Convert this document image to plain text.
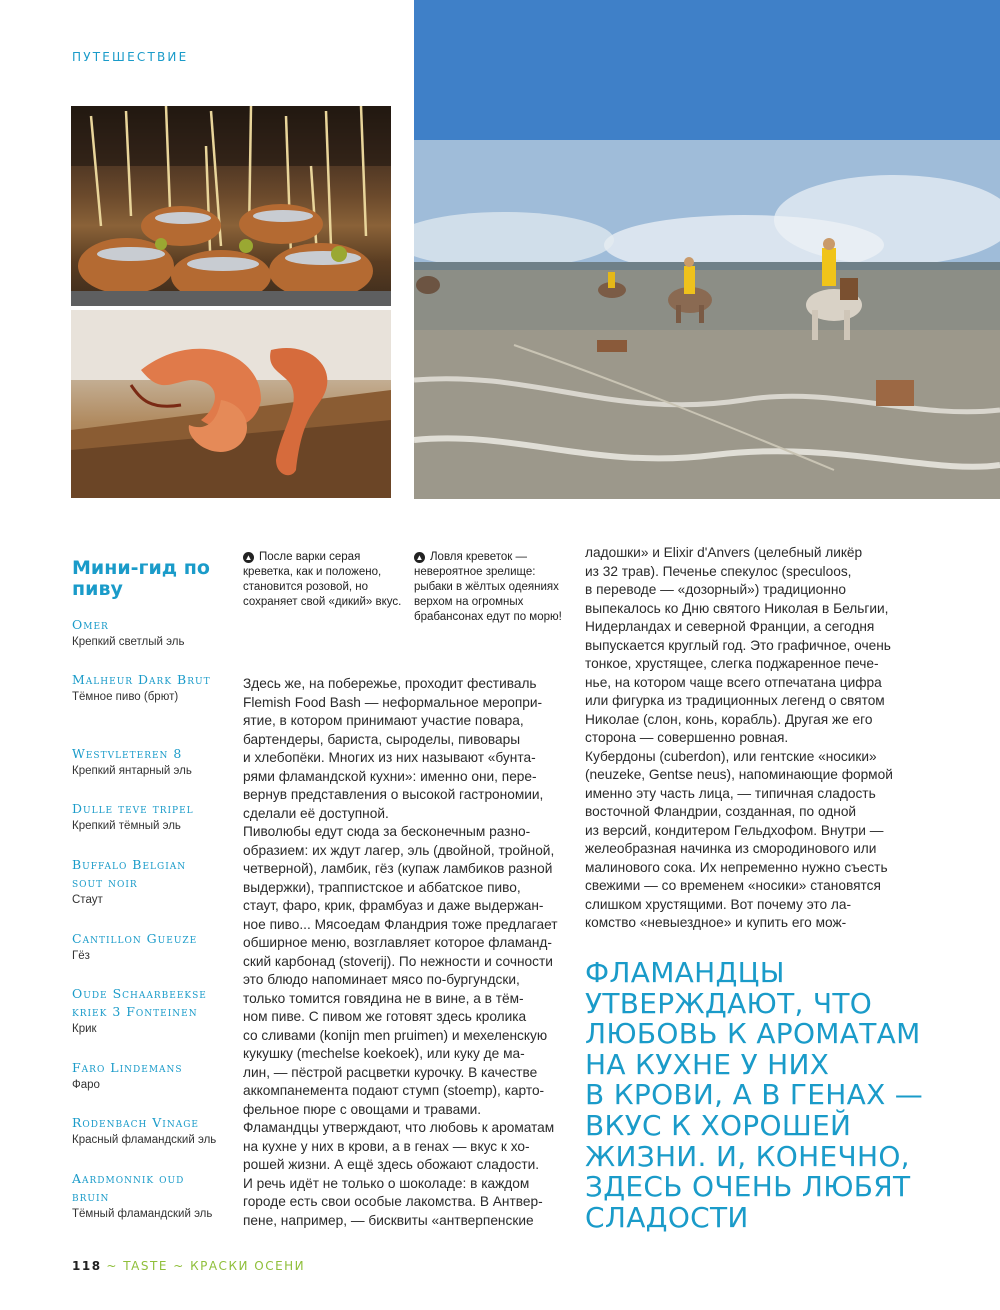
ПУТЕШЕСТВИЕ
▲ После варки серая креветка, как и положено, становится розовой, но сохраняет свой «дикий» вкус.
▲ Ловля креветок — невероятное зрелище: рыбаки в жёлтых одеяниях верхом на огромных брабансонах едут по морю!
Мини-гид по пиву
Omer
Крепкий светлый эль
Malheur Dark Brut
Тёмное пиво (брют)
Westvleteren 8
Крепкий янтарный эль
Dulle teve tripel
Крепкий тёмный эль
Buffalo Belgian sout noir
Стаут
Cantillon Gueuze
Гёз
Oude Schaarbeekse kriek 3 Fonteinen
Крик
Faro Lindemans
Фаро
Rodenbach Vinage
Красный фламандский эль
Aardmonnik oud bruin
Тёмный фламандский эль
Здесь же, на побережье, проходит фестиваль
Flemish Food Bash — неформальное меропри-
ятие, в котором принимают участие повара,
бартендеры, бариста, сыроделы, пивовары
и хлебопёки. Многих из них называют «бунта-
рями фламандской кухни»: именно они, пере-
вернув представления о высокой гастрономии,
сделали её доступной.
Пиволюбы едут сюда за бесконечным разно-
образием: их ждут лагер, эль (двойной, тройной,
четверной), ламбик, гёз (купаж ламбиков разной
выдержки), траппистское и аббатское пиво,
стаут, фаро, крик, фрамбуаз и даже выдержан-
ное пиво... Мясоедам Фландрия тоже предлагает
обширное меню, возглавляет которое фламанд-
ский карбонад (stoverij). По нежности и сочности
это блюдо напоминает мясо по-бургундски,
только томится говядина не в вине, а в тём-
ном пиве. С пивом же готовят здесь кролика
со сливами (konijn men pruimen) и мехеленскую
кукушку (mechelse koekoek), или куку де ма-
лин, — пёстрой расцветки курочку. В качестве
аккомпанемента подают стумп (stoemp), карто-
фельное пюре с овощами и травами.
Фламандцы утверждают, что любовь к ароматам
на кухне у них в крови, а в генах — вкус к хо-
рошей жизни. А ещё здесь обожают сладости.
И речь идёт не только о шоколаде: в каждом
городе есть свои особые лакомства. В Антвер-
пене, например, — бисквиты «антверпенские
ладошки» и Elixir d'Anvers (целебный ликёр
из 32 трав). Печенье спекулос (speculoos,
в переводе — «дозорный») традиционно
выпекалось ко Дню святого Николая в Бельгии,
Нидерландах и северной Франции, а сегодня
выпускается круглый год. Это графичное, очень
тонкое, хрустящее, слегка поджаренное пече-
нье, на котором чаще всего отпечатана цифра
или фигурка из традиционных легенд о святом
Николае (слон, конь, корабль). Другая же его
сторона — совершенно ровная.
Кубердоны (cuberdon), или гентские «носики»
(neuzeke, Gentse neus), напоминающие формой
именно эту часть лица, — типичная сладость
восточной Фландрии, созданная, по одной
из версий, кондитером Гельдхофом. Внутри —
желеобразная начинка из смородинового или
малинового сока. Их непременно нужно съесть
свежими — со временем «носики» становятся
слишком хрустящими. Вот почему это ла-
комство «невыездное» и купить его мож-
ФЛАМАНДЦЫ
УТВЕРЖДАЮТ, ЧТО
ЛЮБОВЬ К АРОМАТАМ
НА КУХНЕ У НИХ
В КРОВИ, А В ГЕНАХ —
ВКУС К ХОРОШЕЙ
ЖИЗНИ. И, КОНЕЧНО,
ЗДЕСЬ ОЧЕНЬ ЛЮБЯТ
СЛАДОСТИ
118 ~ TASTE ~ КРАСКИ ОСЕНИ
